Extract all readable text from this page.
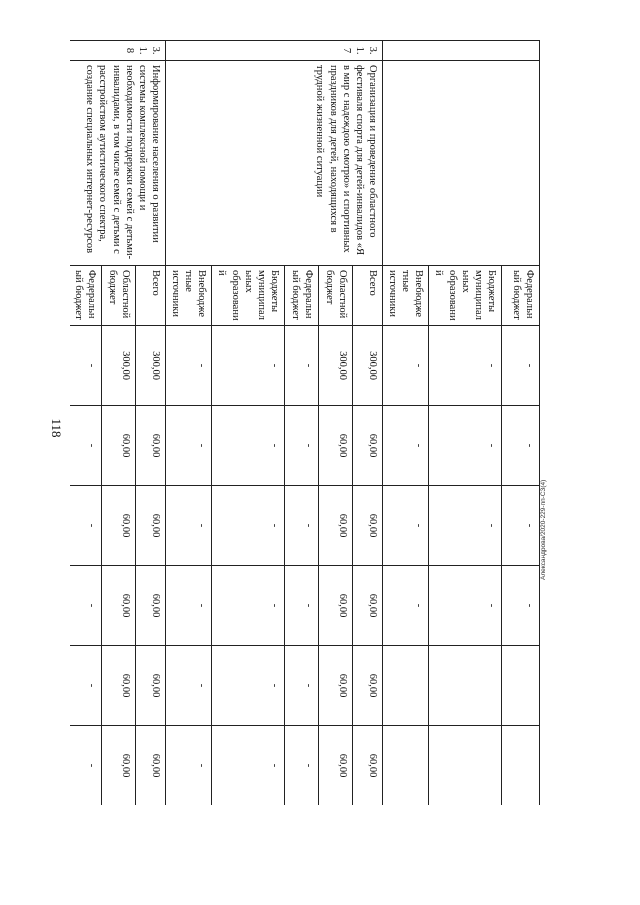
118
		Федеральный бюджет	-	-	-	-		
		Бюджеты муниципальных образований	-	-	-	-		
		Внебюджетные источники	-	-	-	-		
3.1.7	Организация и проведение областного фестиваля спорта для детей-инвалидов «Я в мир с надеждою смотрю» и спортивных праздников для детей, находящихся в трудной жизненной ситуации	Всего	300,00	60,00	60,00	60,00	60,00	60,00
		Областной бюджет	300,00	60,00	60,00	60,00	60,00	60,00
		Федеральный бюджет	-	-	-	-	-	-
		Бюджеты муниципальных образований	-	-	-	-	-	-
		Внебюджетные источники	-	-	-	-	-	-
3.1.8	Информирование населения о развитии системы комплексной помощи и необходимости поддержки семей с детьми-инвалидами, в том числе семей с детьми с расстройством аутистического спектра, создание специальных интернет-ресурсов	Всего	300,00	60,00	60,00	60,00	60,00	60,00
		Областной бюджет	300,00	60,00	60,00	60,00	60,00	60,00
		Федеральный бюджет	-	-	-	-	-	-
Александрова/2020-229-пп-СЗ(4)
